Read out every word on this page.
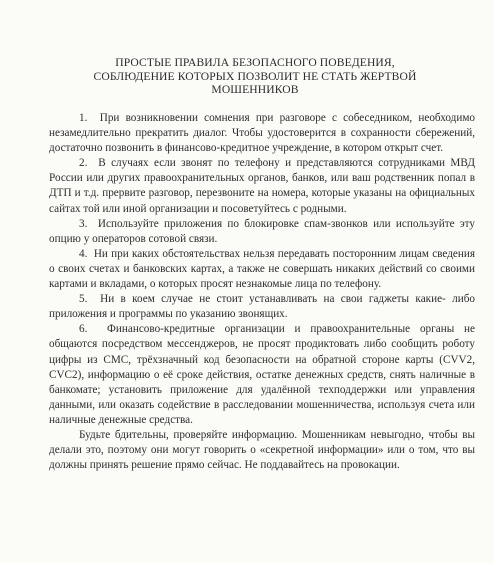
ПРОСТЫЕ ПРАВИЛА БЕЗОПАСНОГО ПОВЕДЕНИЯ,
СОБЛЮДЕНИЕ КОТОРЫХ ПОЗВОЛИТ НЕ СТАТЬ ЖЕРТВОЙ
МОШЕННИКОВ

1.  При возникновении сомнения при разговоре с собеседником, необходимо незамедлительно прекратить диалог. Чтобы удостоверится в сохранности сбережений, достаточно позвонить в финансово-кредитное учреждение, в котором открыт счет.

2.  В случаях если звонят по телефону и представляются сотрудниками МВД России или других правоохранительных органов, банков, или ваш родственник попал в ДТП и т.д. прервите разговор, перезвоните на номера, которые указаны на официальных сайтах той или иной организации и посоветуйтесь с родными.

3.  Используйте приложения по блокировке спам-звонков или используйте эту опцию у операторов сотовой связи.

4.  Ни при каких обстоятельствах нельзя передавать посторонним лицам сведения о своих счетах и банковских картах, а также не совершать никаких действий со своими картами и вкладами, о которых просят незнакомые лица по телефону.

5.  Ни в коем случае не стоит устанавливать на свои гаджеты какие- либо приложения и программы по указанию звонящих.

6.  Финансово-кредитные организации и правоохранительные органы не общаются посредством мессенджеров, не просят продиктовать либо сообщить роботу цифры из СМС, трёхзначный код безопасности на обратной стороне карты (CVV2, CVC2), информацию о её сроке действия, остатке денежных средств, снять наличные в банкомате; установить приложение для удалённой техподдержки или управления данными, или оказать содействие в расследовании мошенничества, используя счета или наличные денежные средства.

Будьте бдительны, проверяйте информацию. Мошенникам невыгодно, чтобы вы делали это, поэтому они могут говорить о «секретной информации» или о том, что вы должны принять решение прямо сейчас. Не поддавайтесь на провокации.
